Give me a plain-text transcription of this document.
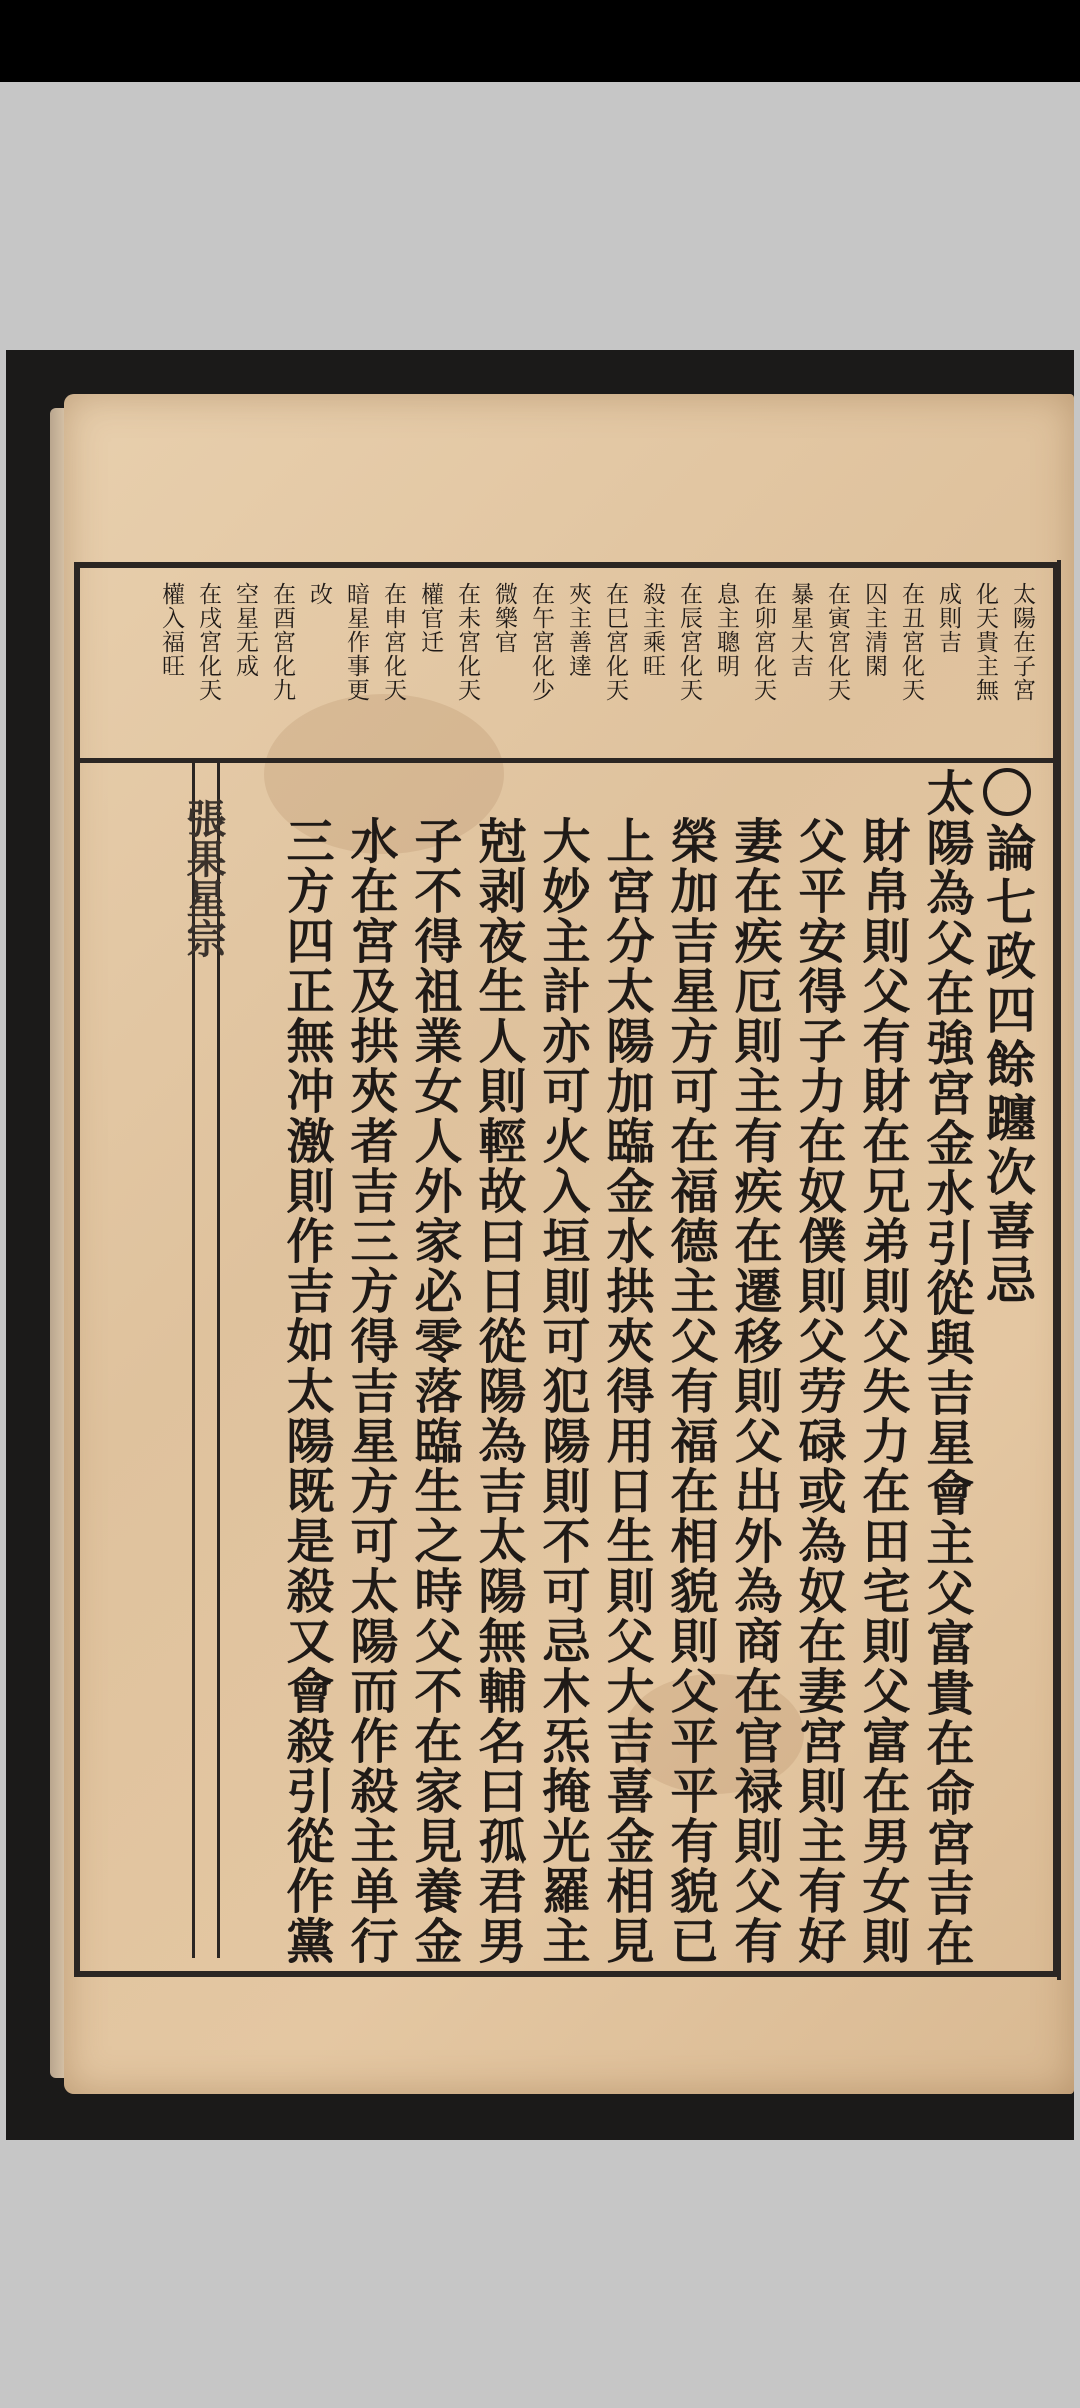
張果星宗
太陽在子宮
化天貴主無
成則吉
在丑宮化天
囚主清閑
在寅宮化天
暴星大吉
在卯宮化天
息主聰明
在辰宮化天
殺主乘旺
在巳宮化天
夾主善達
在午宮化少
微樂官
在未宮化天
權官迁
在申宮化天
暗星作事更
改
在酉宮化九
空星无成
在戌宮化天
權入福旺
太陽為父在強宮金水引從與吉星會主父富貴在命宮吉在
財帛則父有財在兄弟則父失力在田宅則父富在男女則
父平安得子力在奴僕則父劳碌或為奴在妻宮則主有好
妻在疾厄則主有疾在遷移則父出外為商在官禄則父有
榮加吉星方可在福德主父有福在相貌則父平平有貌已
上宮分太陽加臨金水拱夾得用日生則父大吉喜金相見
大妙主計亦可火入垣則可犯陽則不可忌木炁掩光羅主
尅剥夜生人則輕故曰日從陽為吉太陽無輔名曰孤君男
子不得祖業女人外家必零落臨生之時父不在家見養金
水在宮及拱夾者吉三方得吉星方可太陽而作殺主单行
三方四正無冲激則作吉如太陽既是殺又會殺引從作黨	論七政四餘躔次喜忌
